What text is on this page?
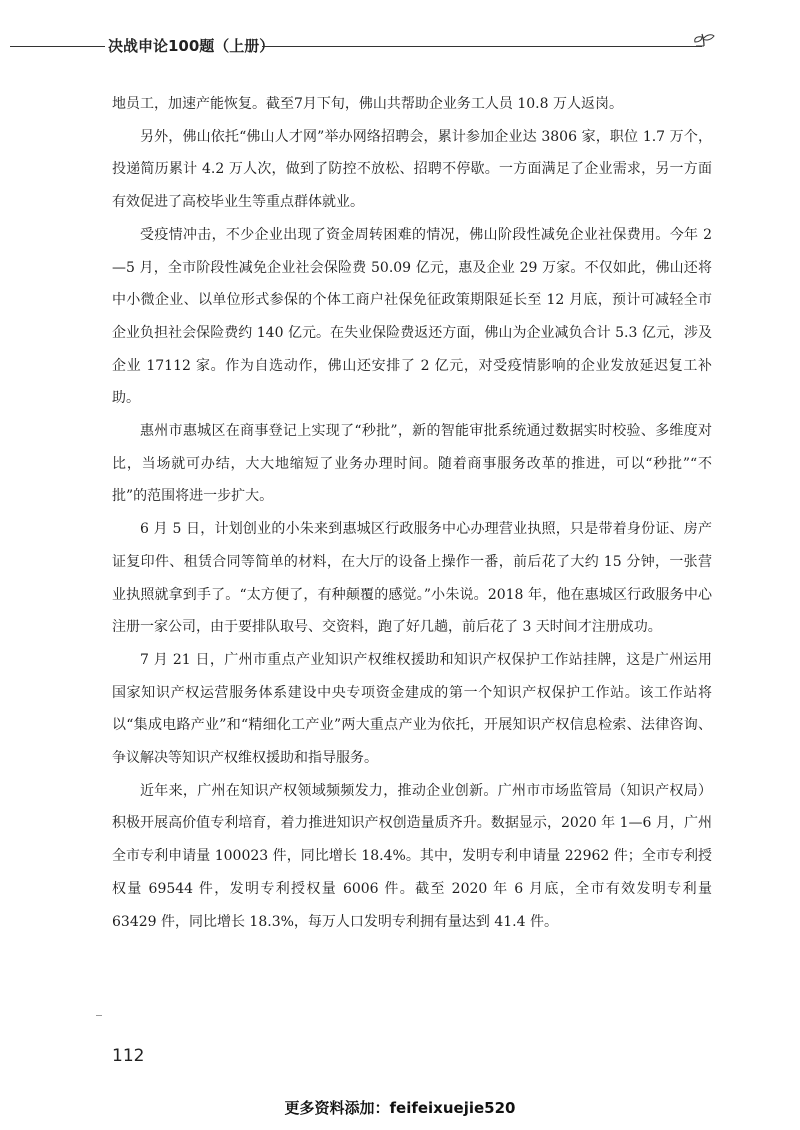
决战申论100题（上册）

地员工，加速产能恢复。截至7月下旬，佛山共帮助企业务工人员 10.8 万人返岗。

另外，佛山依托“佛山人才网”举办网络招聘会，累计参加企业达 3806 家，职位 1.7 万个，投递简历累计 4.2 万人次，做到了防控不放松、招聘不停歇。一方面满足了企业需求，另一方面有效促进了高校毕业生等重点群体就业。

受疫情冲击，不少企业出现了资金周转困难的情况，佛山阶段性减免企业社保费用。今年 2—5 月，全市阶段性减免企业社会保险费 50.09 亿元，惠及企业 29 万家。不仅如此，佛山还将中小微企业、以单位形式参保的个体工商户社保免征政策期限延长至 12 月底，预计可减轻全市企业负担社会保险费约 140 亿元。在失业保险费返还方面，佛山为企业减负合计 5.3 亿元，涉及企业 17112 家。作为自选动作，佛山还安排了 2 亿元，对受疫情影响的企业发放延迟复工补助。

惠州市惠城区在商事登记上实现了“秒批”，新的智能审批系统通过数据实时校验、多维度对比，当场就可办结，大大地缩短了业务办理时间。随着商事服务改革的推进，可以“秒批”“不批”的范围将进一步扩大。

6 月 5 日，计划创业的小朱来到惠城区行政服务中心办理营业执照，只是带着身份证、房产证复印件、租赁合同等简单的材料，在大厅的设备上操作一番，前后花了大约 15 分钟，一张营业执照就拿到手了。“太方便了，有种颠覆的感觉。”小朱说。2018 年，他在惠城区行政服务中心注册一家公司，由于要排队取号、交资料，跑了好几趟，前后花了 3 天时间才注册成功。

7 月 21 日，广州市重点产业知识产权维权援助和知识产权保护工作站挂牌，这是广州运用国家知识产权运营服务体系建设中央专项资金建成的第一个知识产权保护工作站。该工作站将以“集成电路产业”和“精细化工产业”两大重点产业为依托，开展知识产权信息检索、法律咨询、争议解决等知识产权维权援助和指导服务。

近年来，广州在知识产权领域频频发力，推动企业创新。广州市市场监管局（知识产权局）积极开展高价值专利培育，着力推进知识产权创造量质齐升。数据显示，2020 年 1—6 月，广州全市专利申请量 100023 件，同比增长 18.4%。其中，发明专利申请量 22962 件；全市专利授权量 69544 件，发明专利授权量 6006 件。截至 2020 年 6 月底，全市有效发明专利量 63429 件，同比增长 18.3%，每万人口发明专利拥有量达到 41.4 件。

112
更多资料添加：feifeixuejie520
